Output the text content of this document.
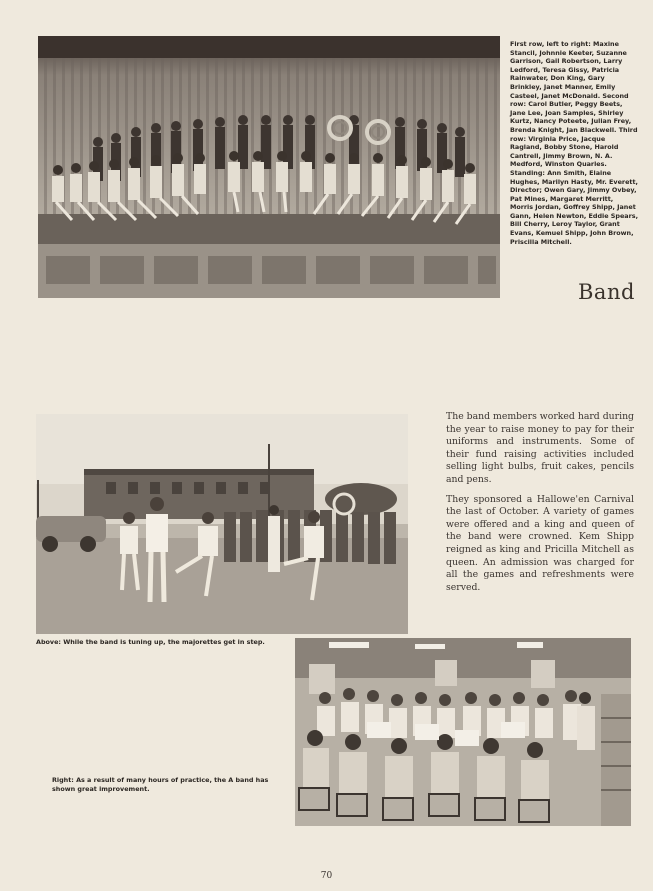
First row, left to right: Maxine Stancil, Johnnie Keeter, Suzanne Garrison, Gail Robertson, Larry Ledford, Teresa Gissy, Patricia Rainwater, Don King, Gary Brinkley, Janet Manner, Emily Casteel, Janet McDonald. Second row: Carol Butler, Peggy Beets, Jane Lee, Joan Samples, Shirley Kurtz, Nancy Poteete, Julian Frey, Brenda Knight, Jan Blackwell. Third row: Virginia Price, Jacque Ragland, Bobby Stone, Harold Cantrell, Jimmy Brown, N. A. Medford, Winston Quarles. Standing: Ann Smith, Elaine Hughes, Marilyn Hasty, Mr. Everett, Director; Owen Gary, Jimmy Ovbey, Pat Mines, Margaret Merritt, Morris Jordan, Goffrey Shipp, Janet Gann, Helen Newton, Eddie Spears, Bill Cherry, Leroy Taylor, Grant Evans, Kemuel Shipp, John Brown, Priscilla Mitchell.
Band

The band members worked hard during the year to raise money to pay for their uniforms and instruments. Some of their fund raising activities included selling light bulbs, fruit cakes, pencils and pens.

They sponsored a Hallowe'en Carnival the last of October. A variety of games were offered and a king and queen of the band were crowned. Kem Shipp reigned as king and Pricilla Mitchell as queen. An admission was charged for all the games and refreshments were served.

Above: While the band is tuning up, the majorettes get in step.
Right: As a result of many hours of practice, the A band has shown great improvement.
70
